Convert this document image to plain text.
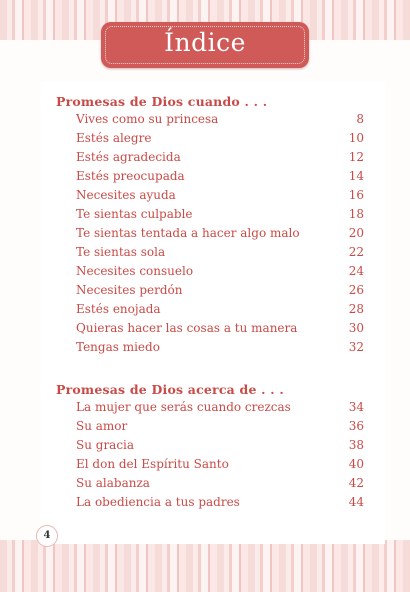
Índice
Promesas de Dios cuando . . .
Vives como su princesa	8
Estés alegre	10
Estés agradecida	12
Estés preocupada	14
Necesites ayuda	16
Te sientas culpable	18
Te sientas tentada a hacer algo malo	20
Te sientas sola	22
Necesites consuelo	24
Necesites perdón	26
Estés enojada	28
Quieras hacer las cosas a tu manera	30
Tengas miedo	32
Promesas de Dios acerca de . . .
La mujer que serás cuando crezcas	34
Su amor	36
Su gracia	38
El don del Espíritu Santo	40
Su alabanza	42
La obediencia a tus padres	44
4
